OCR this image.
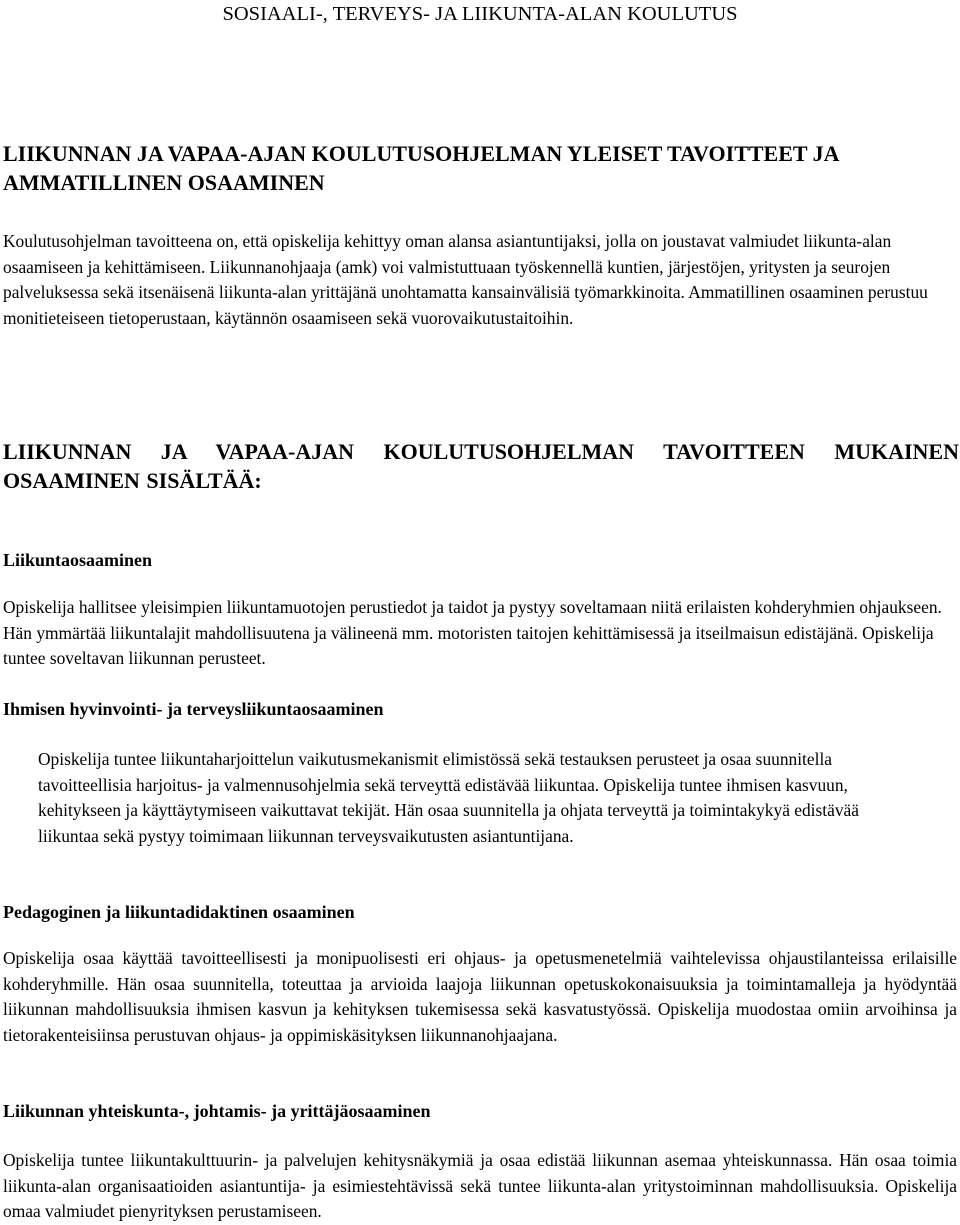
SOSIAALI-, TERVEYS- JA LIIKUNTA-ALAN KOULUTUS
LIIKUNNAN JA VAPAA-AJAN KOULUTUSOHJELMAN YLEISET TAVOITTEET JA AMMATILLINEN OSAAMINEN

Koulutusohjelman tavoitteena on, että opiskelija kehittyy oman alansa asiantuntijaksi, jolla on joustavat valmiudet liikunta-alan osaamiseen ja kehittämiseen. Liikunnanohjaaja (amk) voi valmistuttuaan työskennellä kuntien, järjestöjen, yritysten ja seurojen palveluksessa sekä itsenäisenä liikunta-alan yrittäjänä unohtamatta kansainvälisiä työmarkkinoita. Ammatillinen osaaminen perustuu monitieteiseen tietoperustaan, käytännön osaamiseen sekä vuorovaikutustaitoihin.

LIIKUNNAN JA VAPAA-AJAN KOULUTUSOHJELMAN TAVOITTEEN MUKAINEN OSAAMINEN SISÄLTÄÄ:
Liikuntaosaaminen

Opiskelija hallitsee yleisimpien liikuntamuotojen perustiedot ja taidot ja pystyy soveltamaan niitä erilaisten kohderyhmien ohjaukseen. Hän ymmärtää liikuntalajit mahdollisuutena ja välineenä mm. motoristen taitojen kehittämisessä ja itseilmaisun edistäjänä. Opiskelija tuntee soveltavan liikunnan perusteet.

Ihmisen hyvinvointi- ja terveysliikuntaosaaminen

Opiskelija tuntee liikuntaharjoittelun vaikutusmekanismit elimistössä sekä testauksen perusteet ja osaa suunnitella tavoitteellisia harjoitus- ja valmennusohjelmia sekä terveyttä edistävää liikuntaa. Opiskelija tuntee ihmisen kasvuun, kehitykseen ja käyttäytymiseen vaikuttavat tekijät. Hän osaa suunnitella ja ohjata terveyttä ja toimintakykyä edistävää liikuntaa sekä pystyy toimimaan liikunnan terveysvaikutusten asiantuntijana.

Pedagoginen ja liikuntadidaktinen osaaminen

Opiskelija osaa käyttää tavoitteellisesti ja monipuolisesti eri ohjaus- ja opetusmenetelmiä vaihtelevissa ohjaustilanteissa erilaisille kohderyhmille. Hän osaa suunnitella, toteuttaa ja arvioida laajoja liikunnan opetuskokonaisuuksia ja toimintamalleja ja hyödyntää liikunnan mahdollisuuksia ihmisen kasvun ja kehityksen tukemisessa sekä kasvatustyössä. Opiskelija muodostaa omiin arvoihinsa ja tietorakenteisiinsa perustuvan ohjaus- ja oppimiskäsityksen liikunnanohjaajana.

Liikunnan yhteiskunta-, johtamis- ja yrittäjäosaaminen

Opiskelija tuntee liikuntakulttuurin- ja palvelujen kehitysnäkymiä ja osaa edistää liikunnan asemaa yhteiskunnassa. Hän osaa toimia liikunta-alan organisaatioiden asiantuntija- ja esimiestehtävissä sekä tuntee liikunta-alan yritystoiminnan mahdollisuuksia. Opiskelija omaa valmiudet pienyrityksen perustamiseen.
